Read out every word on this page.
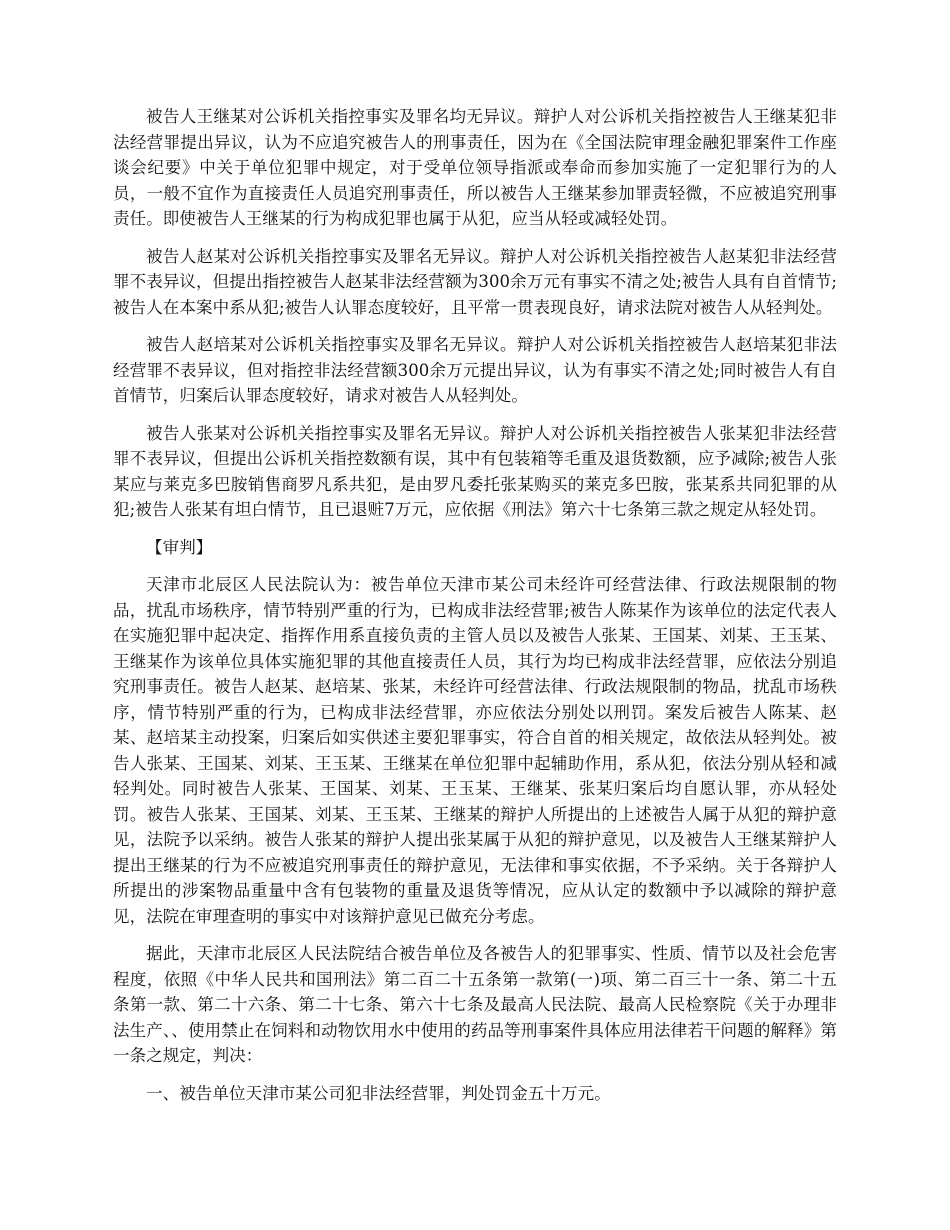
被告人王继某对公诉机关指控事实及罪名均无异议。辩护人对公诉机关指控被告人王继某犯非法经营罪提出异议，认为不应追究被告人的刑事责任，因为在《全国法院审理金融犯罪案件工作座谈会纪要》中关于单位犯罪中规定，对于受单位领导指派或奉命而参加实施了一定犯罪行为的人员，一般不宜作为直接责任人员追究刑事责任，所以被告人王继某参加罪责轻微，不应被追究刑事责任。即使被告人王继某的行为构成犯罪也属于从犯，应当从轻或减轻处罚。

被告人赵某对公诉机关指控事实及罪名无异议。辩护人对公诉机关指控被告人赵某犯非法经营罪不表异议，但提出指控被告人赵某非法经营额为300余万元有事实不清之处;被告人具有自首情节;被告人在本案中系从犯;被告人认罪态度较好，且平常一贯表现良好，请求法院对被告人从轻判处。

被告人赵培某对公诉机关指控事实及罪名无异议。辩护人对公诉机关指控被告人赵培某犯非法经营罪不表异议，但对指控非法经营额300余万元提出异议，认为有事实不清之处;同时被告人有自首情节，归案后认罪态度较好，请求对被告人从轻判处。

被告人张某对公诉机关指控事实及罪名无异议。辩护人对公诉机关指控被告人张某犯非法经营罪不表异议，但提出公诉机关指控数额有误，其中有包装箱等毛重及退货数额，应予减除;被告人张某应与莱克多巴胺销售商罗凡系共犯，是由罗凡委托张某购买的莱克多巴胺，张某系共同犯罪的从犯;被告人张某有坦白情节，且已退赃7万元，应依据《刑法》第六十七条第三款之规定从轻处罚。

【审判】

天津市北辰区人民法院认为：被告单位天津市某公司未经许可经营法律、行政法规限制的物品，扰乱市场秩序，情节特别严重的行为，已构成非法经营罪;被告人陈某作为该单位的法定代表人在实施犯罪中起决定、指挥作用系直接负责的主管人员以及被告人张某、王国某、刘某、王玉某、王继某作为该单位具体实施犯罪的其他直接责任人员，其行为均已构成非法经营罪，应依法分别追究刑事责任。被告人赵某、赵培某、张某，未经许可经营法律、行政法规限制的物品，扰乱市场秩序，情节特别严重的行为，已构成非法经营罪，亦应依法分别处以刑罚。案发后被告人陈某、赵某、赵培某主动投案，归案后如实供述主要犯罪事实，符合自首的相关规定，故依法从轻判处。被告人张某、王国某、刘某、王玉某、王继某在单位犯罪中起辅助作用，系从犯，依法分别从轻和减轻判处。同时被告人张某、王国某、刘某、王玉某、王继某、张某归案后均自愿认罪，亦从轻处罚。被告人张某、王国某、刘某、王玉某、王继某的辩护人所提出的上述被告人属于从犯的辩护意见，法院予以采纳。被告人张某的辩护人提出张某属于从犯的辩护意见，以及被告人王继某辩护人提出王继某的行为不应被追究刑事责任的辩护意见，无法律和事实依据，不予采纳。关于各辩护人所提出的涉案物品重量中含有包装物的重量及退货等情况，应从认定的数额中予以减除的辩护意见，法院在审理查明的事实中对该辩护意见已做充分考虑。

据此，天津市北辰区人民法院结合被告单位及各被告人的犯罪事实、性质、情节以及社会危害程度，依照《中华人民共和国刑法》第二百二十五条第一款第(一)项、第二百三十一条、第二十五条第一款、第二十六条、第二十七条、第六十七条及最高人民法院、最高人民检察院《关于办理非法生产、、使用禁止在饲料和动物饮用水中使用的药品等刑事案件具体应用法律若干问题的解释》第一条之规定，判决：

一、被告单位天津市某公司犯非法经营罪，判处罚金五十万元。
